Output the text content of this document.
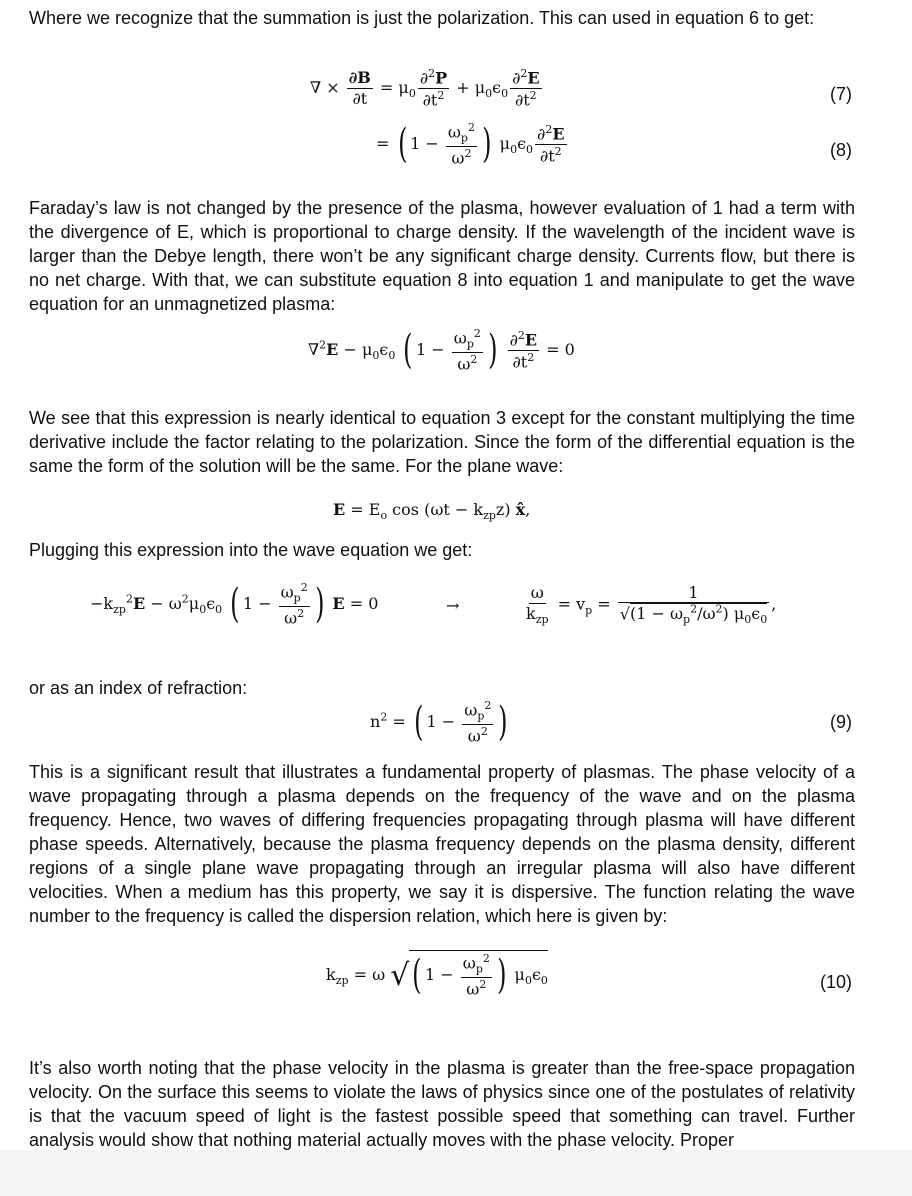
Where we recognize that the summation is just the polarization. This can used in equation 6 to get:

∇ × $\frac{\partial B}{\partial t} = \mu_0 \frac{\partial^2P}{\partial t^2} + \mu_0\epsilon_0 \frac{\partial^2E}{\partial t^2}$	(7)
= ( $1 - \frac{\omega_p^2}{\omega^2}$ ) $\mu_0\epsilon_0 \frac{\partial^2E}{\partial t^2}$	(8)

Faraday’s law is not changed by the presence of the plasma, however evaluation of 1 had a term with the divergence of E, which is proportional to charge density. If the wavelength of the incident wave is larger than the Debye length, there won’t be any significant charge density. Currents flow, but there is no net charge. With that, we can substitute equation 8 into equation 1 and manipulate to get the wave equation for an unmagnetized plasma:

$\nabla^2E - \mu_0\epsilon_0$ ( $1 - \frac{\omega_p^2}{\omega^2}$ ) $\frac{\partial^2E}{\partial t^2} = 0$

We see that this expression is nearly identical to equation 3 except for the constant multiplying the time derivative include the factor relating to the polarization. Since the form of the differential equation is the same the form of the solution will be the same. For the plane wave:

$E = E_o$ $\cos (\omega t - k_{zp}z)$ x̂,

Plugging this expression into the wave equation we get:

$-k_{zp}^2E - \omega^2\mu_0\epsilon_0$ ( $1 - \frac{\omega_p^2}{\omega^2}$ ) E = 0	→	$\frac{\omega}{k_{zp}} = v_p = \frac{1}{√(1 - \omega_p^2/\omega^2) \mu_0\epsilon_0}$ ,
or as an index of refraction:
$n^2$ = ( $1 - \frac{\omega_p^2}{\omega^2}$ )	(9)

This is a significant result that illustrates a fundamental property of plasmas. The phase velocity of a wave propagating through a plasma depends on the frequency of the wave and on the plasma frequency. Hence, two waves of differing frequencies propagating through plasma will have different phase speeds. Alternatively, because the plasma frequency depends on the plasma density, different regions of a single plane wave propagating through an irregular plasma will also have different velocities. When a medium has this property, we say it is dispersive. The function relating the wave number to the frequency is called the dispersion relation, which here is given by:

$k_{zp} = \omega$ √( $1 - \frac{\omega_p^2}{\omega^2}$ ) $\mu_0\epsilon_0$	(10)

It’s also worth noting that the phase velocity in the plasma is greater than the free-space propagation velocity. On the surface this seems to violate the laws of physics since one of the postulates of relativity is that the vacuum speed of light is the fastest possible speed that something can travel. Further analysis would show that nothing material actually moves with the phase velocity. Proper
